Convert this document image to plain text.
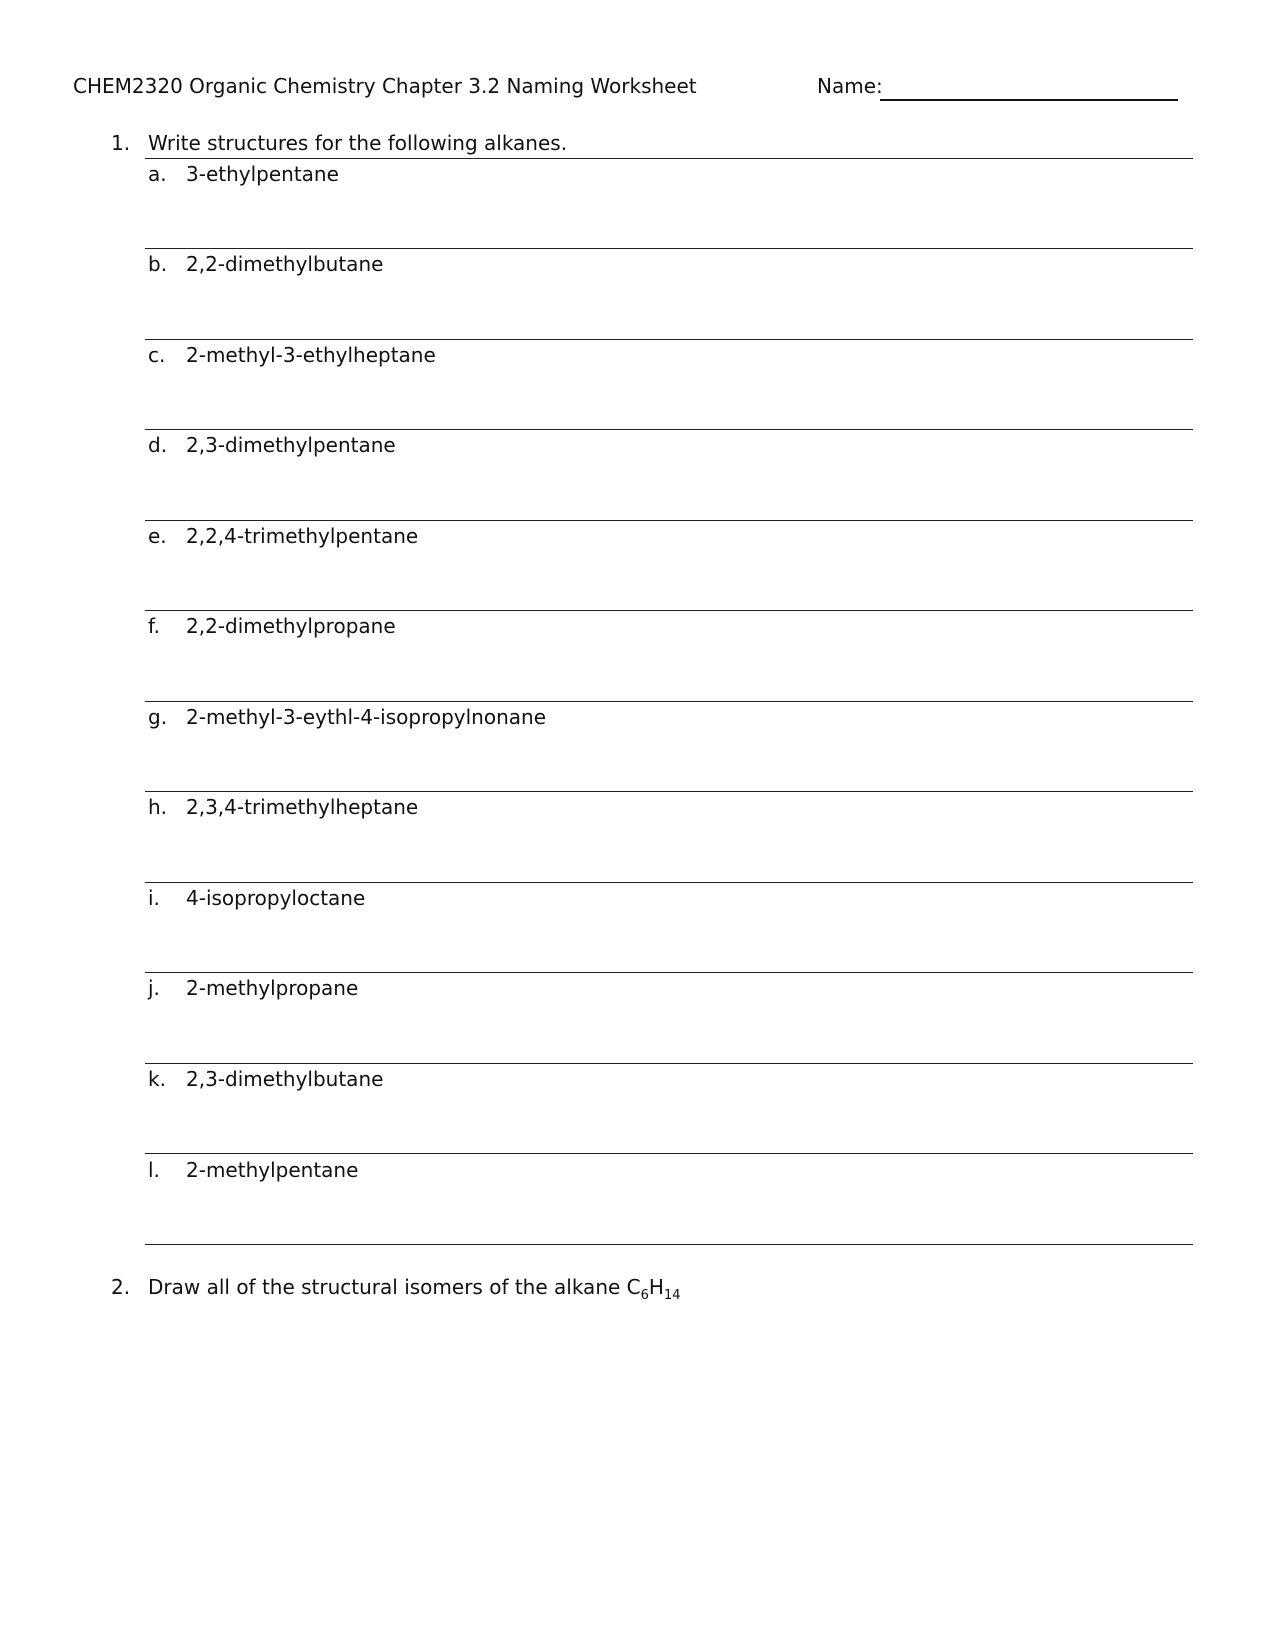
CHEM2320 Organic Chemistry Chapter 3.2 Naming Worksheet	Name:
1. Write structures for the following alkanes.
a. 3-ethylpentane
b. 2,2-dimethylbutane
c. 2-methyl-3-ethylheptane
d. 2,3-dimethylpentane
e. 2,2,4-trimethylpentane
f. 2,2-dimethylpropane
g. 2-methyl-3-eythl-4-isopropylnonane
h. 2,3,4-trimethylheptane
i. 4-isopropyloctane
j. 2-methylpropane
k. 2,3-dimethylbutane
l. 2-methylpentane
2. Draw all of the structural isomers of the alkane $C_6H_{14}$
